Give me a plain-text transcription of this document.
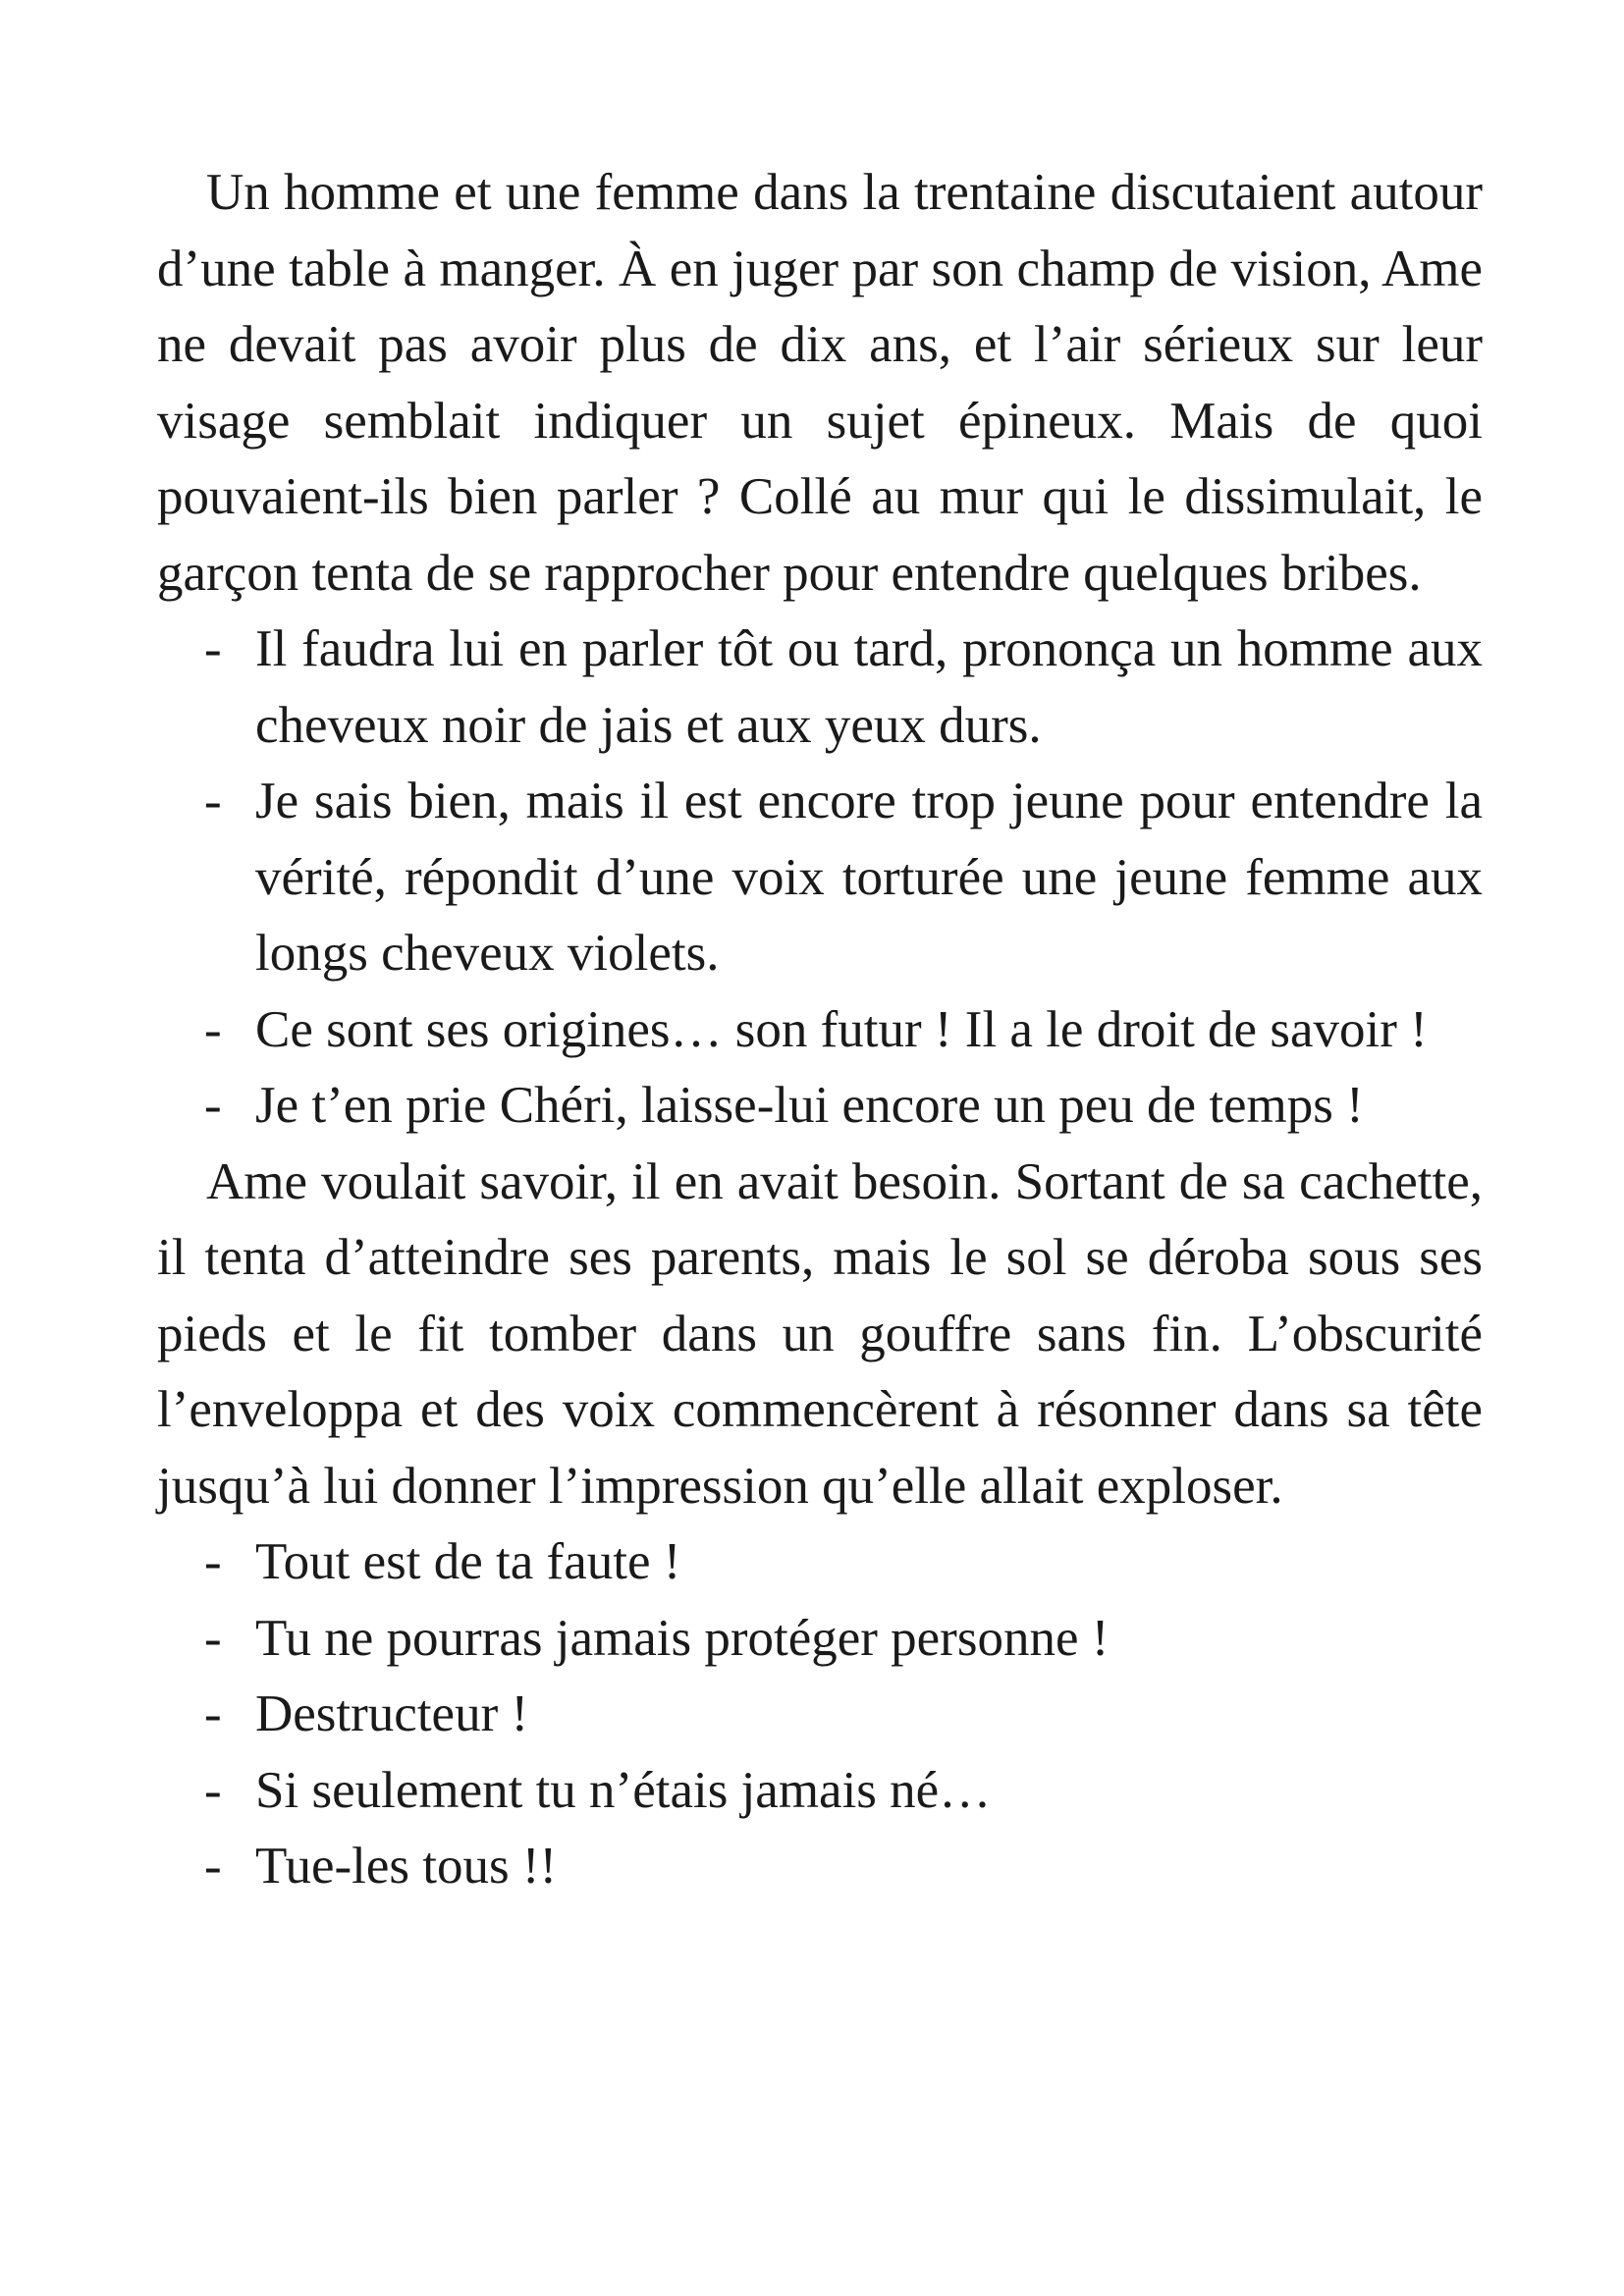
Un homme et une femme dans la trentaine discutaient autour d’une table à manger. À en juger par son champ de vision, Ame ne devait pas avoir plus de dix ans, et l’air sérieux sur leur visage semblait indiquer un sujet épineux. Mais de quoi pouvaient-ils bien parler ? Collé au mur qui le dissimulait, le garçon tenta de se rapprocher pour entendre quelques bribes.

- Il faudra lui en parler tôt ou tard, prononça un homme aux cheveux noir de jais et aux yeux durs.

- Je sais bien, mais il est encore trop jeune pour entendre la vérité, répondit d’une voix torturée une jeune femme aux longs cheveux violets.

- Ce sont ses origines… son futur ! Il a le droit de savoir !

- Je t’en prie Chéri, laisse-lui encore un peu de temps !

Ame voulait savoir, il en avait besoin. Sortant de sa cachette, il tenta d’atteindre ses parents, mais le sol se déroba sous ses pieds et le fit tomber dans un gouffre sans fin. L’obscurité l’enveloppa et des voix commencèrent à résonner dans sa tête jusqu’à lui donner l’impression qu’elle allait exploser.

- Tout est de ta faute !

- Tu ne pourras jamais protéger personne !

- Destructeur !

- Si seulement tu n’étais jamais né…

- Tue-les tous !!
